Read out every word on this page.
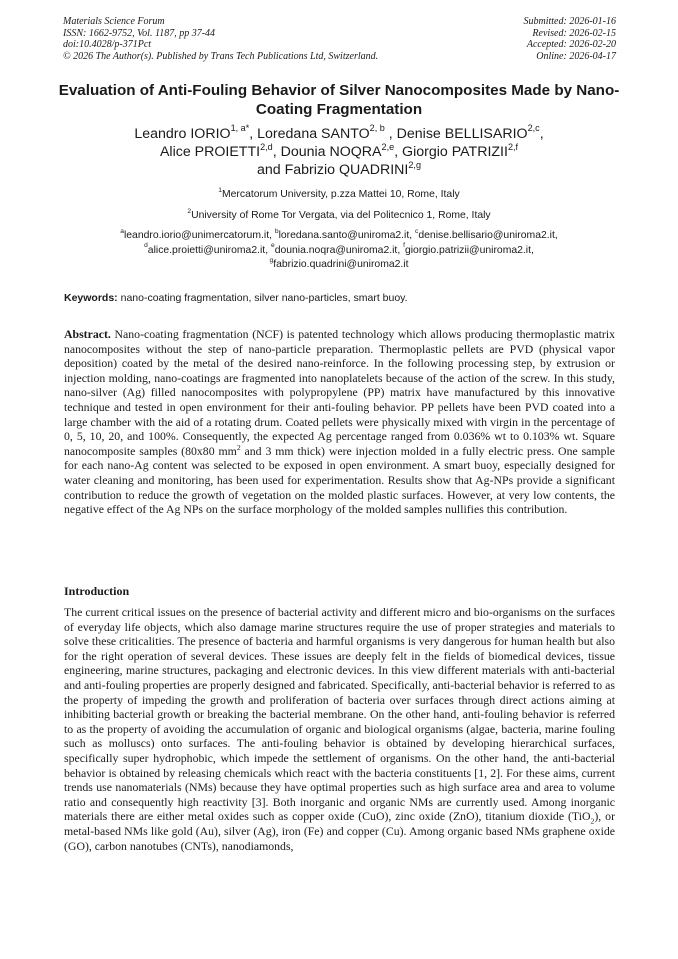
Materials Science Forum
ISSN: 1662-9752, Vol. 1187, pp 37-44
doi:10.4028/p-371Pct
© 2026 The Author(s). Published by Trans Tech Publications Ltd, Switzerland.
Submitted: 2026-01-16
Revised: 2026-02-15
Accepted: 2026-02-20
Online: 2026-04-17
Evaluation of Anti-Fouling Behavior of Silver Nanocomposites Made by Nano-Coating Fragmentation
Leandro $IORIO^{1, a*}$, Loredana SANTO$^{2, b}$ , Denise BELLISARIO$^{2,c}$,
Alice PROIETTI$^{2,d}$, Dounia NOQRA$^{2,e}$, Giorgio PATRIZII$^{2,f}$
and Fabrizio QUADRINI$^{2,g}$
$^1$Mercatorum University, p.zza Mattei 10, Rome, Italy
$^2$University of Rome Tor Vergata, via del Politecnico 1, Rome, Italy
$^a$leandro.iorio@unimercatorum.it, $^b$loredana.santo@uniroma2.it, $^c$denise.bellisario@uniroma2.it,
$^d$alice.proietti@uniroma2.it, $^e$dounia.noqra@uniroma2.it, $^f$giorgio.patrizii@uniroma2.it,
$^g$fabrizio.quadrini@uniroma2.it
Keywords: nano-coating fragmentation, silver nano-particles, smart buoy.
Abstract. Nano-coating fragmentation (NCF) is patented technology which allows producing thermoplastic matrix nanocomposites without the step of nano-particle preparation. Thermoplastic pellets are PVD (physical vapor deposition) coated by the metal of the desired nano-reinforce. In the following processing step, by extrusion or injection molding, nano-coatings are fragmented into nanoplatelets because of the action of the screw. In this study, nano-silver (Ag) filled nanocomposites with polypropylene (PP) matrix have manufactured by this innovative technique and tested in open environment for their anti-fouling behavior. PP pellets have been PVD coated into a large chamber with the aid of a rotating drum. Coated pellets were physically mixed with virgin in the percentage of 0, 5, 10, 20, and 100%. Consequently, the expected Ag percentage ranged from 0.036% wt to 0.103% wt. Square nanocomposite samples (80x80 $mm^2$ and 3 mm thick) were injection molded in a fully electric press. One sample for each nano-Ag content was selected to be exposed in open environment. A smart buoy, especially designed for water cleaning and monitoring, has been used for experimentation. Results show that Ag-NPs provide a significant contribution to reduce the growth of vegetation on the molded plastic surfaces. However, at very low contents, the negative effect of the Ag NPs on the surface morphology of the molded samples nullifies this contribution.
Introduction
The current critical issues on the presence of bacterial activity and different micro and bio-organisms on the surfaces of everyday life objects, which also damage marine structures require the use of proper strategies and materials to solve these criticalities. The presence of bacteria and harmful organisms is very dangerous for human health but also for the right operation of several devices. These issues are deeply felt in the fields of biomedical devices, tissue engineering, marine structures, packaging and electronic devices. In this view different materials with anti-bacterial and anti-fouling properties are properly designed and fabricated. Specifically, anti-bacterial behavior is referred to as the property of impeding the growth and proliferation of bacteria over surfaces through direct actions aiming at inhibiting bacterial growth or breaking the bacterial membrane. On the other hand, anti-fouling behavior is referred to as the property of avoiding the accumulation of organic and biological organisms (algae, bacteria, marine fouling such as molluscs) onto surfaces. The anti-fouling behavior is obtained by developing hierarchical surfaces, specifically super hydrophobic, which impede the settlement of organisms. On the other hand, the anti-bacterial behavior is obtained by releasing chemicals which react with the bacteria constituents [1, 2]. For these aims, current trends use nanomaterials (NMs) because they have optimal properties such as high surface area and area to volume ratio and consequently high reactivity [3]. Both inorganic and organic NMs are currently used. Among inorganic materials there are either metal oxides such as copper oxide (CuO), zinc oxide (ZnO), titanium dioxide (TiO$_2$), or metal-based NMs like gold (Au), silver (Ag), iron (Fe) and copper (Cu). Among organic based NMs graphene oxide (GO), carbon nanotubes (CNTs), nanodiamonds,
